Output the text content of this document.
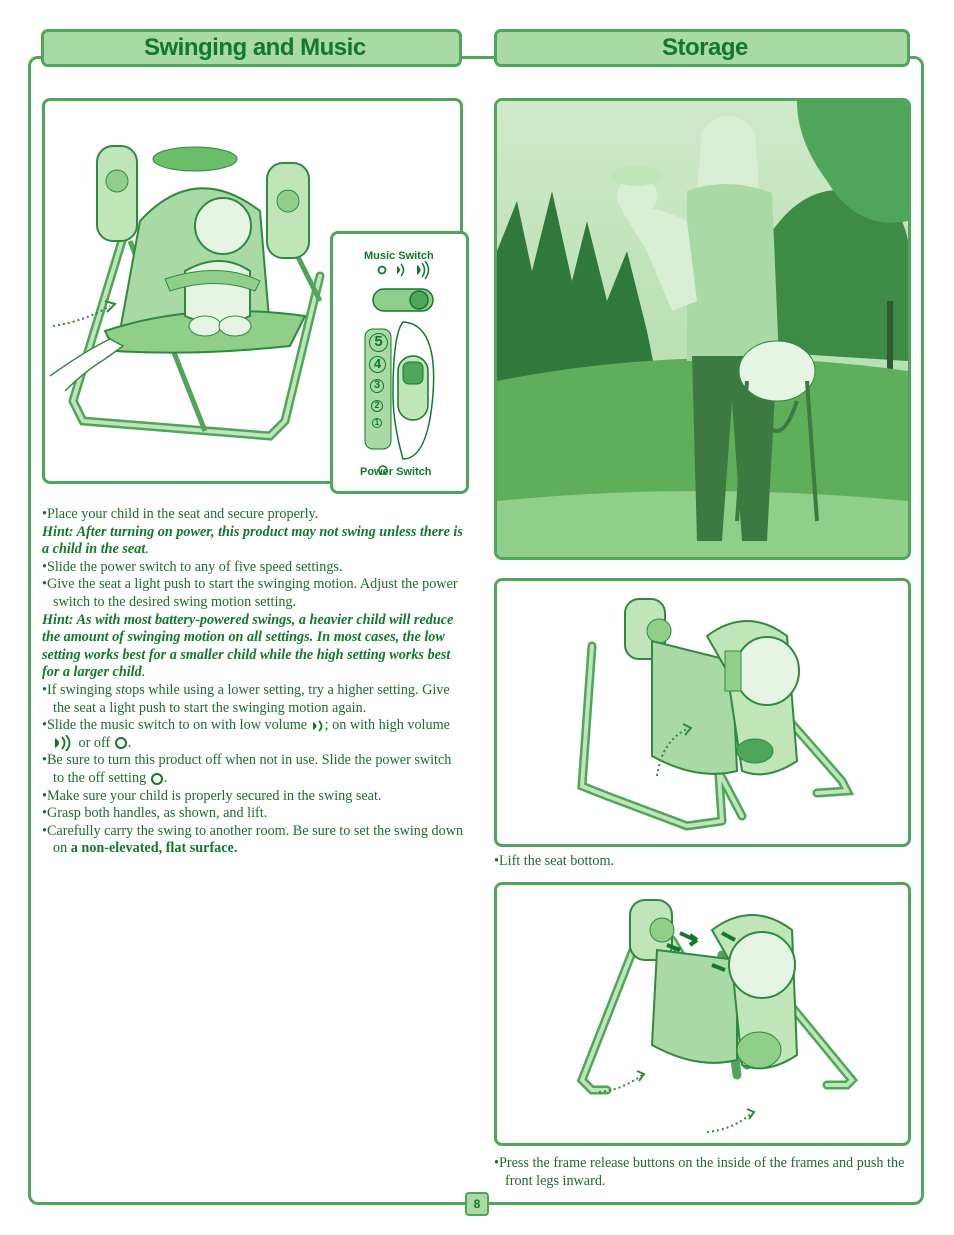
Swinging and Music	Storage
Music Switch
5
4
3
2
1
Power Switch

•Place your child in the seat and secure properly.

Hint: After turning on power, this product may not swing unless there is a child in the seat.

•Slide the power switch to any of five speed settings.

•Give the seat a light push to start the swinging motion. Adjust the power switch to the desired swing motion setting.

Hint: As with most battery-powered swings, a heavier child will reduce the amount of swinging motion on all settings. In most cases, the low setting works best for a smaller child while the high setting works best for a larger child.

•If swinging stops while using a lower setting, try a higher setting. Give the seat a light push to start the swinging motion again.

•Slide the music switch to on with low volume ; on with high volume  or off .

•Be sure to turn this product off when not in use. Slide the power switch to the off setting .

•Make sure your child is properly secured in the swing seat.

•Grasp both handles, as shown, and lift.

•Carefully carry the swing to another room. Be sure to set the swing down on a non-elevated, flat surface.

•Lift the seat bottom.

•Press the frame release buttons on the inside of the frames and push the front legs inward.

8
